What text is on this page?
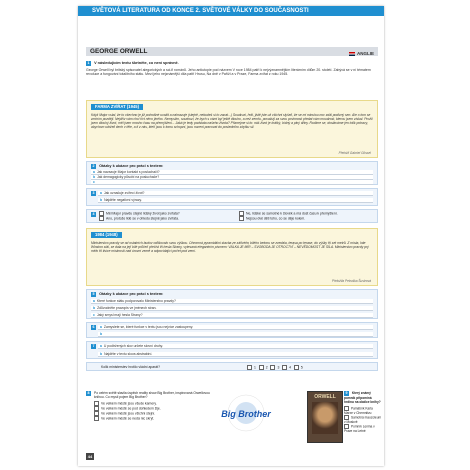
SVĚTOVÁ LITERATURA OD KONCE 2. SVĚTOVÉ VÁLKY DO SOUČASNOSTI
GEORGE ORWELL	ANGLIE
1 V následujícím textu škrtněte, co není správně.
George Orwell byl britský spisovatel alegorických a sci-fi románů. Jeho antiutopie pod názvem V roce 1984 patří k nejvýznamnějším literárním dílům 20. století. Zabývá se v ní tématem revoluce a fungování totalitního státu. Mezi jeho nejznámější díla patří Hrusu, Na dně v Paříži a v Praze, Farma zvířat z roku 1945.
FARMA ZVÍŘAT (1945)
Když Major vstal, že to všechno je již pohodlné uvažit a nahrazuje (stejně, nebudeš si to zacat...) Soudruzi, řekl, jistě jste už všichni slyšeli, že se mi minulou noc zdál podivný sen. Ale o tom se zmíním později. Nejdřív vám chci říct něco jiného. Nemyslím, soudruzi, že bych s vámi byl ještě dlouho, a než zemřu, považuji za svou povinnost předat vám moudrost, kterou jsem získal. Prožil jsem dlouhý život, měl jsem mnoho času na přemýšlení... Jaká je tedy podstata našeho života? Přiznejme si to: náš život je krátký, bídný a plný dřiny. Rodíme se, dostáváme jen tolik potravy, abychom udrželi dech v těle, a ti z nás, kteří jsou k tomu schopni, jsou nuceni pracovat do posledního zbytku sil.
Přeložil Gabriel Gössel
2 Otázky k ukázce pro práci s textem:
a Jak navazuje Major kontakt s posluchači?
b Jak demagogicky působí na posluchače?
c
3	a Jak označuje zvířecí život?
b Najděte negativní výrazy.
4	Měl Major pravdu stejně lidský život jako zvířata?
Ano, protože lidé se v ohledu stejně jako zvířata.
Ne, lidské se samotné k člověk a má dost času k přemýšlení.
Nejsou dvě děti toho, co se děje kolem.
1984 (1948)
Ministerstvo pravdy se od ostatních budov odlišovalo svou výškou. Ohromná pyramidální stavba ze zářivého bílého betonu se zvedala, terasa po terase, do výšky tří set metrů. Z místa, kde Winston stál, se dala na její bílé průčelí přečíst tři hesla Strany, vytesaná elegantním písmem: VÁLKA JE MÍR – SVOBODA JE OTROCTVÍ – NEVĚDOMOST JE SÍLA. Ministerstvo pravdy prý mělo tři tisíce místností nad úrovní země a odpovídající počet pod zemí.
Přeložila Petruška Šustrová
5 Otázky k ukázce pro práci s textem:
a Které funkce státu podporovalo Ministerstvo pravdy?
b Zdůvodněte pravopis ve jménech stran.
c Jaký smysl mají hesla Strany?
6	a Zamyslete se, které funkce v textu jsou nejvíce zastoupeny.
b
7	a U podtržených slov určete slovní druhy.
b Najděte v textu slova abstraktní.
Kolik ministerstev hrotilo vládní aparát?	1	2	3	4	5
8	Po celém světě slavila úspěch reality show Big Brother, inspirovaná Orwellovou knihou. Co myslí pojem Big Brother?
Ve velkém městě jsou všude kamery.
Ve velkém městě se pod dohledem žije.
Ve velkém městě jsou všichni stejní.
Ve velkém městě se nedá nic skrýt.	Big Brother
ORWELL
9 Který známý pomník připomíná hrdinu na obálce knihy?
Památník Karla Marxe v Chemnitzu
Samotná mauzoleum v Moskvě
Pomník Lenina v Praze na Letné
44
